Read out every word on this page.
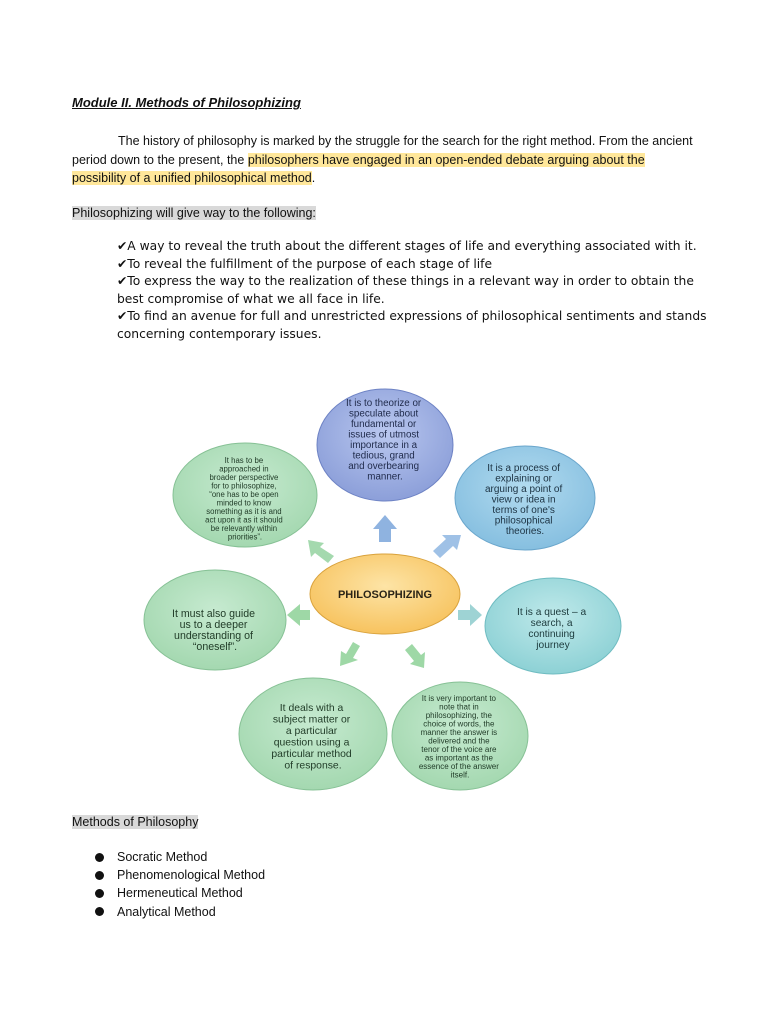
Module II. Methods of Philosophizing

The history of philosophy is marked by the struggle for the search for the right method. From the ancient period down to the present, the philosophers have engaged in an open-ended debate arguing about the possibility of a unified philosophical method.

Philosophizing will give way to the following:

✔A way to reveal the truth about the different stages of life and everything associated with it.
✔To reveal the fulfillment of the purpose of each stage of life
✔To express the way to the realization of these things in a relevant way in order to obtain the best compromise of what we all face in life.
✔To find an avenue for full and unrestricted expressions of philosophical sentiments and stands concerning contemporary issues.
It is to theorize or speculate about fundamental or issues of utmost importance in a tedious, grand and overbearing manner.
It is a process of explaining or arguing a point of view or idea in terms of one's philosophical theories.
It is a quest – a search, a continuing journey
It is very important to note that in philosophizing, the choice of words, the manner the answer is delivered and the tenor of the voice are as important as the essence of the answer itself.
It deals with a subject matter or a particular question using a particular method of response.
It must also guide us to a deeper understanding of “oneself”.
It has to be approached in broader perspective for to philosophize, “one has to be open minded to know something as it is and act upon it as it should be relevantly within priorities”.
PHILOSOPHIZING

Methods of Philosophy

Socratic Method
Phenomenological Method
Hermeneutical Method
Analytical Method
